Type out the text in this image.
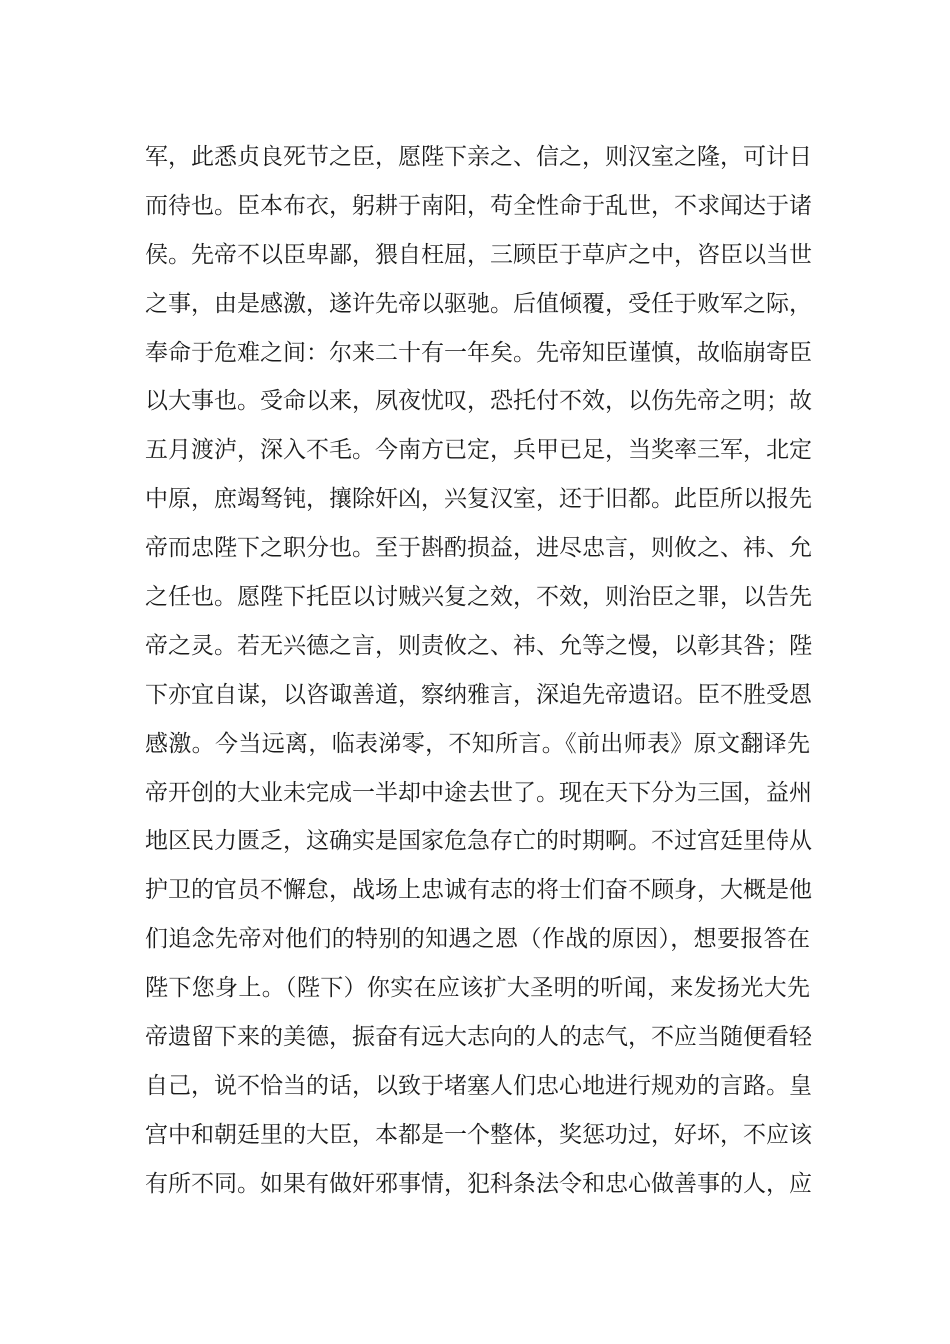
军，此悉贞良死节之臣，愿陛下亲之、信之，则汉室之隆，可计日
而待也。臣本布衣，躬耕于南阳，苟全性命于乱世，不求闻达于诸
侯。先帝不以臣卑鄙，猥自枉屈，三顾臣于草庐之中，咨臣以当世
之事，由是感激，遂许先帝以驱驰。后值倾覆，受任于败军之际，
奉命于危难之间：尔来二十有一年矣。先帝知臣谨慎，故临崩寄臣
以大事也。受命以来，夙夜忧叹，恐托付不效，以伤先帝之明；故
五月渡泸，深入不毛。今南方已定，兵甲已足，当奖率三军，北定
中原，庶竭驽钝，攘除奸凶，兴复汉室，还于旧都。此臣所以报先
帝而忠陛下之职分也。至于斟酌损益，进尽忠言，则攸之、祎、允
之任也。愿陛下托臣以讨贼兴复之效，不效，则治臣之罪，以告先
帝之灵。若无兴德之言，则责攸之、祎、允等之慢，以彰其咎；陛
下亦宜自谋，以咨诹善道，察纳雅言，深追先帝遗诏。臣不胜受恩
感激。今当远离，临表涕零，不知所言。《前出师表》原文翻译先
帝开创的大业未完成一半却中途去世了。现在天下分为三国，益州
地区民力匮乏，这确实是国家危急存亡的时期啊。不过宫廷里侍从
护卫的官员不懈怠，战场上忠诚有志的将士们奋不顾身，大概是他
们追念先帝对他们的特别的知遇之恩（作战的原因），想要报答在
陛下您身上。（陛下）你实在应该扩大圣明的听闻，来发扬光大先
帝遗留下来的美德，振奋有远大志向的人的志气，不应当随便看轻
自己，说不恰当的话，以致于堵塞人们忠心地进行规劝的言路。皇
宫中和朝廷里的大臣，本都是一个整体，奖惩功过，好坏，不应该
有所不同。如果有做奸邪事情，犯科条法令和忠心做善事的人，应
